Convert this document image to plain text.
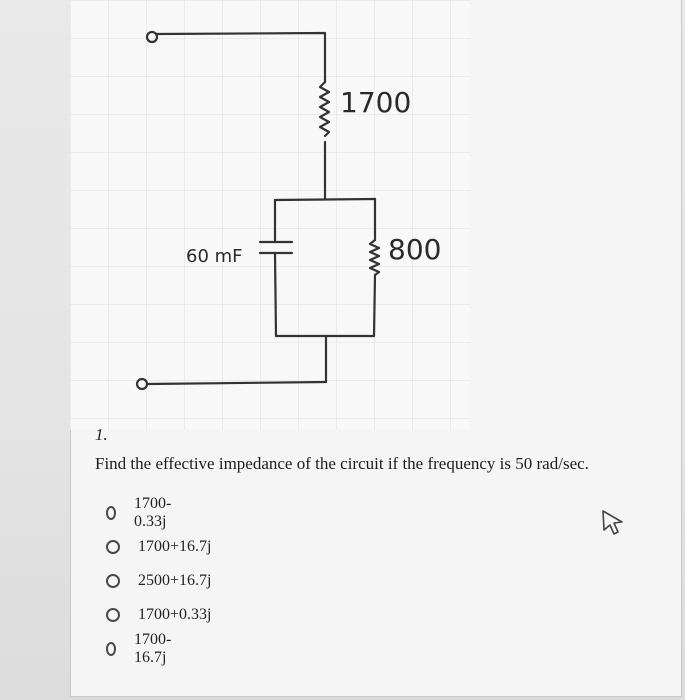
1700
800
60 mF
1.
Find the effective impedance of the circuit if the frequency is 50 rad/sec.
1700-0.33j
1700+16.7j
2500+16.7j
1700+0.33j
1700-16.7j
